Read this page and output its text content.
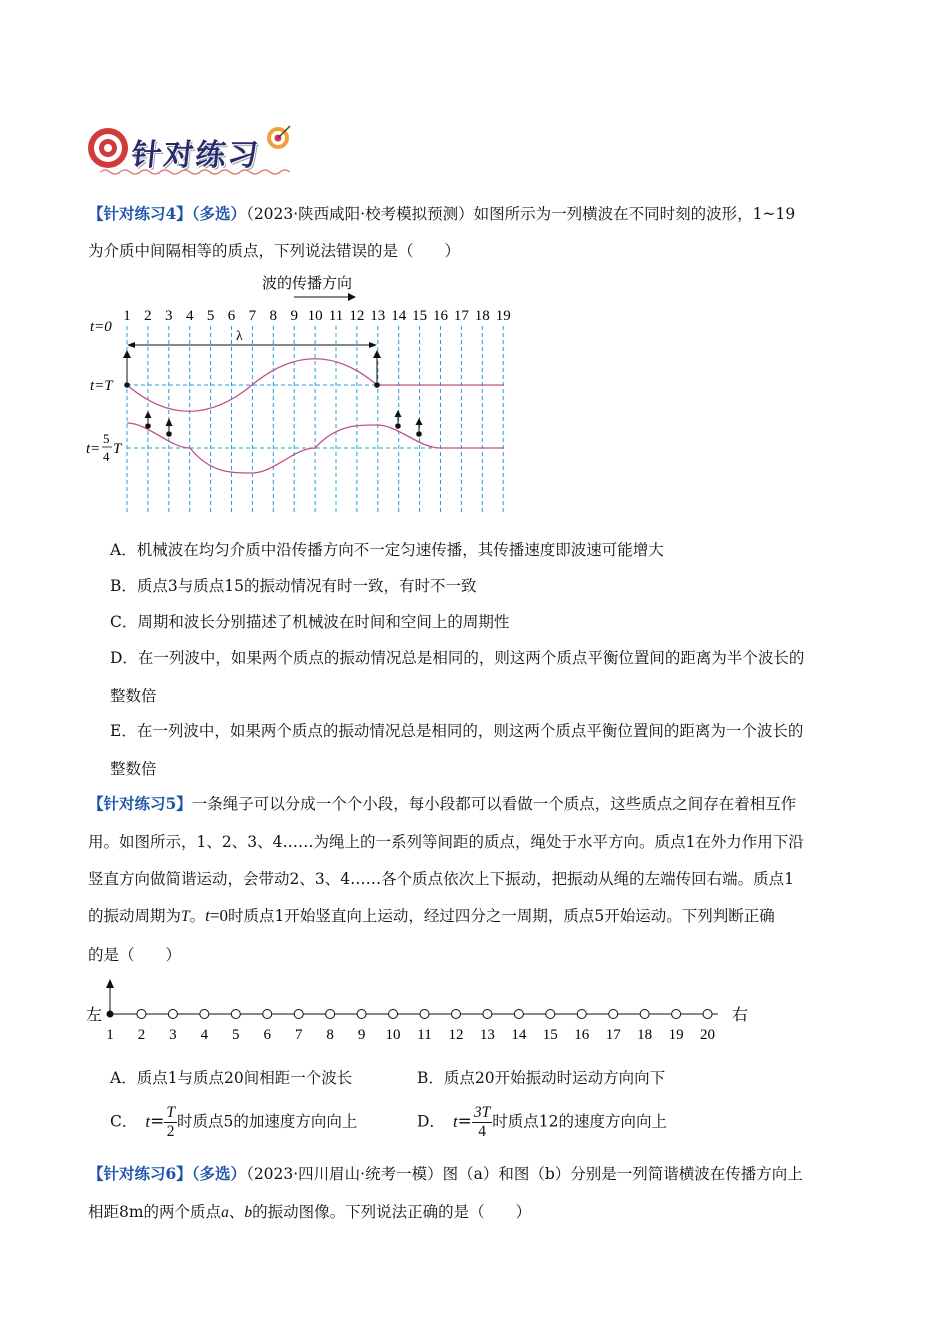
针对练习
【针对练习4】（多选）（2023·陕西咸阳·校考模拟预测）如图所示为一列横波在不同时刻的波形，1~19
为介质中间隔相等的质点，下列说法错误的是（　　）
波的传播方向
1 2 3 4 5 6 7 8 9 10 11 12 13 14 15 16 17 18 19
λ
t=0
t=T
t=
5
4 T
A．机械波在均匀介质中沿传播方向不一定匀速传播，其传播速度即波速可能增大
B．质点3与质点15的振动情况有时一致，有时不一致
C．周期和波长分别描述了机械波在时间和空间上的周期性
D．在一列波中，如果两个质点的振动情况总是相同的，则这两个质点平衡位置间的距离为半个波长的
整数倍
E．在一列波中，如果两个质点的振动情况总是相同的，则这两个质点平衡位置间的距离为一个波长的
整数倍
【针对练习5】一条绳子可以分成一个个小段，每小段都可以看做一个质点，这些质点之间存在着相互作
用。如图所示，1、2、3、4……为绳上的一系列等间距的质点，绳处于水平方向。质点1在外力作用下沿
竖直方向做简谐运动，会带动2、3、4……各个质点依次上下振动，把振动从绳的左端传回右端。质点1
的振动周期为T。t=0时质点1开始竖直向上运动，经过四分之一周期，质点5开始运动。下列判断正确
的是（　　）
左	右
1 2 3 4 5 6 7 8 9 10 11 12 13 14 15 16 17 18 19 20
A．质点1与质点20间相距一个波长	B．质点20开始振动时运动方向向下
C． $t= \frac{T}{2}$ 时质点5的加速度方向向上	D． $t= \frac{3T}{4}$ 时质点12的速度方向向上
【针对练习6】（多选）（2023·四川眉山·统考一模）图（a）和图（b）分别是一列简谐横波在传播方向上
相距8m的两个质点a、b的振动图像。下列说法正确的是（　　）
